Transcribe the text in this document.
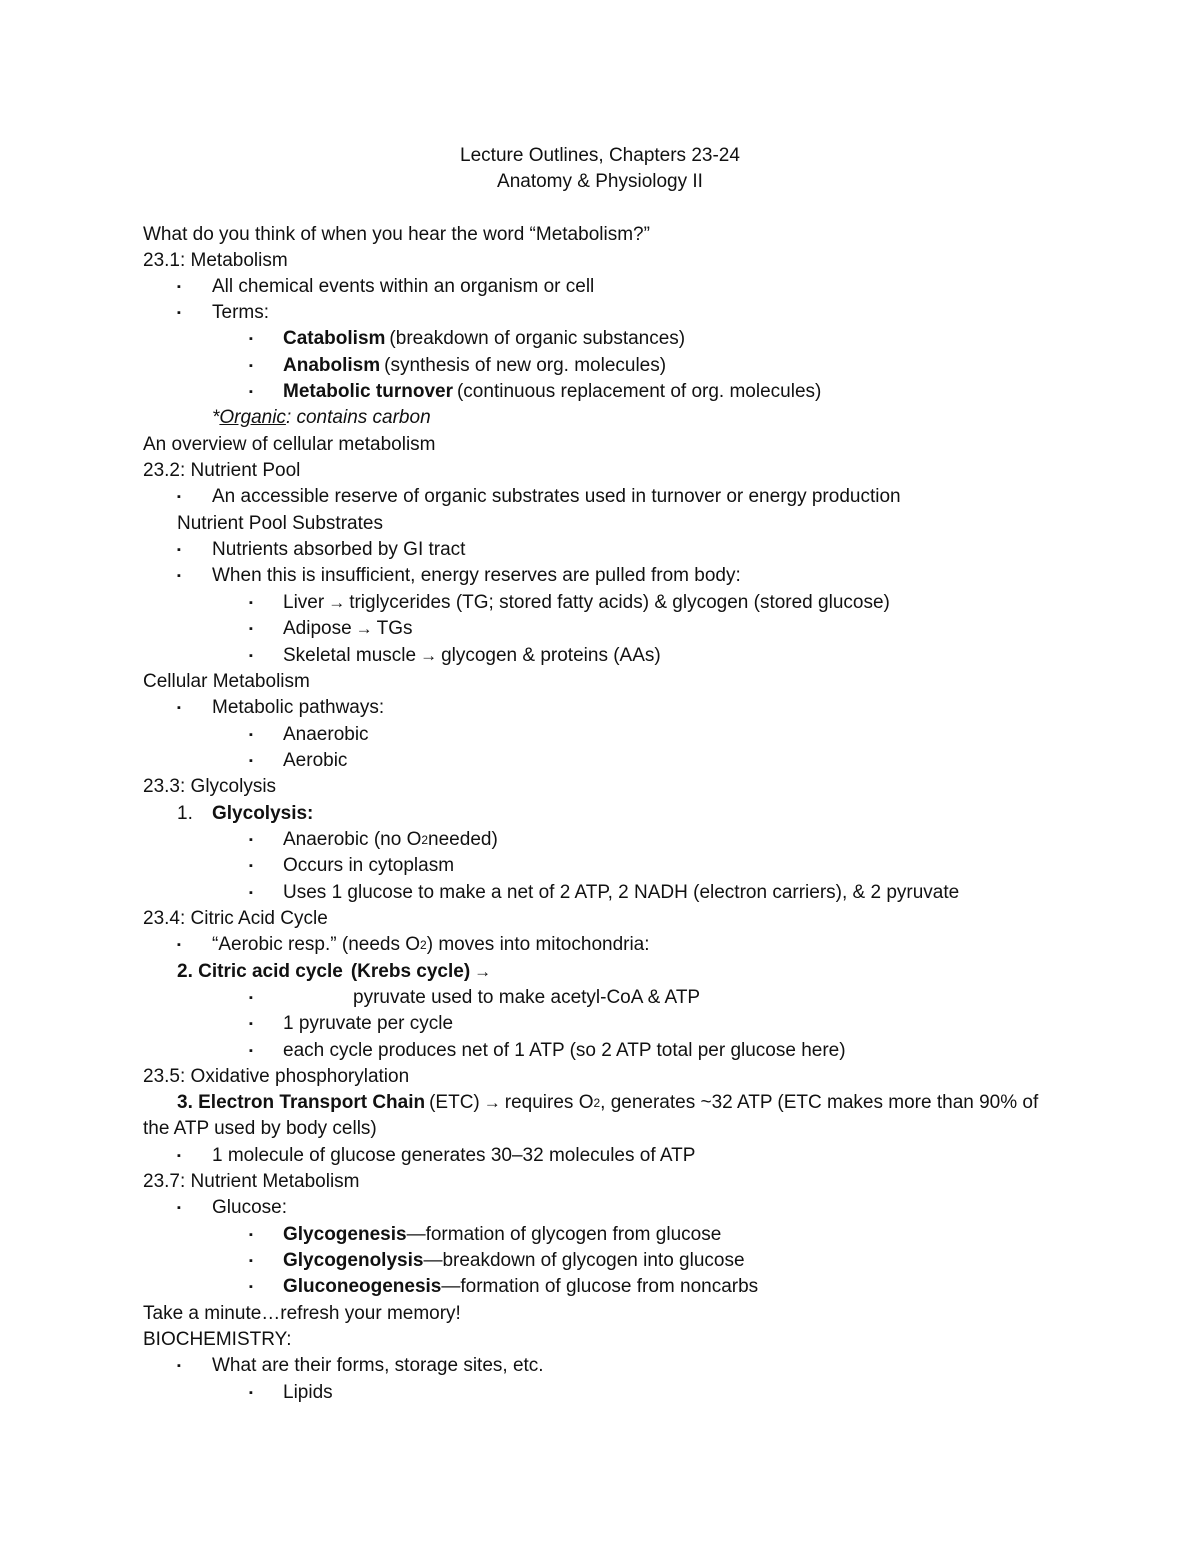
Lecture Outlines, Chapters 23-24
Anatomy & Physiology II
What do you think of when you hear the word “Metabolism?”
23.1: Metabolism
▪ All chemical events within an organism or cell
▪ Terms:
▪ Catabolism (breakdown of organic substances)
▪ Anabolism (synthesis of new org. molecules)
▪ Metabolic turnover (continuous replacement of org. molecules)
* Organic : contains carbon
An overview of cellular metabolism
23.2: Nutrient Pool
▪ An accessible reserve of organic substrates used in turnover or energy production
Nutrient Pool Substrates
▪ Nutrients absorbed by GI tract
▪ When this is insufficient, energy reserves are pulled from body:
▪ Liver → triglycerides (TG; stored fatty acids) & glycogen (stored glucose)
▪ Adipose → TGs
▪ Skeletal muscle → glycogen & proteins (AAs)
Cellular Metabolism
▪ Metabolic pathways:
▪ Anaerobic
▪ Aerobic
23.3: Glycolysis
1.	Glycolysis:
▪ Anaerobic (no O 2 needed)
▪ Occurs in cytoplasm
▪ Uses 1 glucose to make a net of 2 ATP, 2 NADH (electron carriers), & 2 pyruvate
23.4: Citric Acid Cycle
▪ “Aerobic resp.” (needs O 2 ) moves into mitochondria:
2. Citric acid cycle (Krebs cycle) →
▪	pyruvate used to make acetyl-CoA & ATP
▪ 1 pyruvate per cycle
▪ each cycle produces net of 1 ATP (so 2 ATP total per glucose here)
23.5: Oxidative phosphorylation
3. Electron Transport Chain (ETC) → requires O 2 , generates ~32 ATP (ETC makes more than 90% of
the ATP used by body cells)
▪ 1 molecule of glucose generates 30–32 molecules of ATP
23.7: Nutrient Metabolism
▪ Glucose:
▪ Glycogenesis —formation of glycogen from glucose
▪ Glycogenolysis —breakdown of glycogen into glucose
▪ Gluconeogenesis —formation of glucose from noncarbs
Take a minute…refresh your memory!
BIOCHEMISTRY:
▪ What are their forms, storage sites, etc.
▪ Lipids
